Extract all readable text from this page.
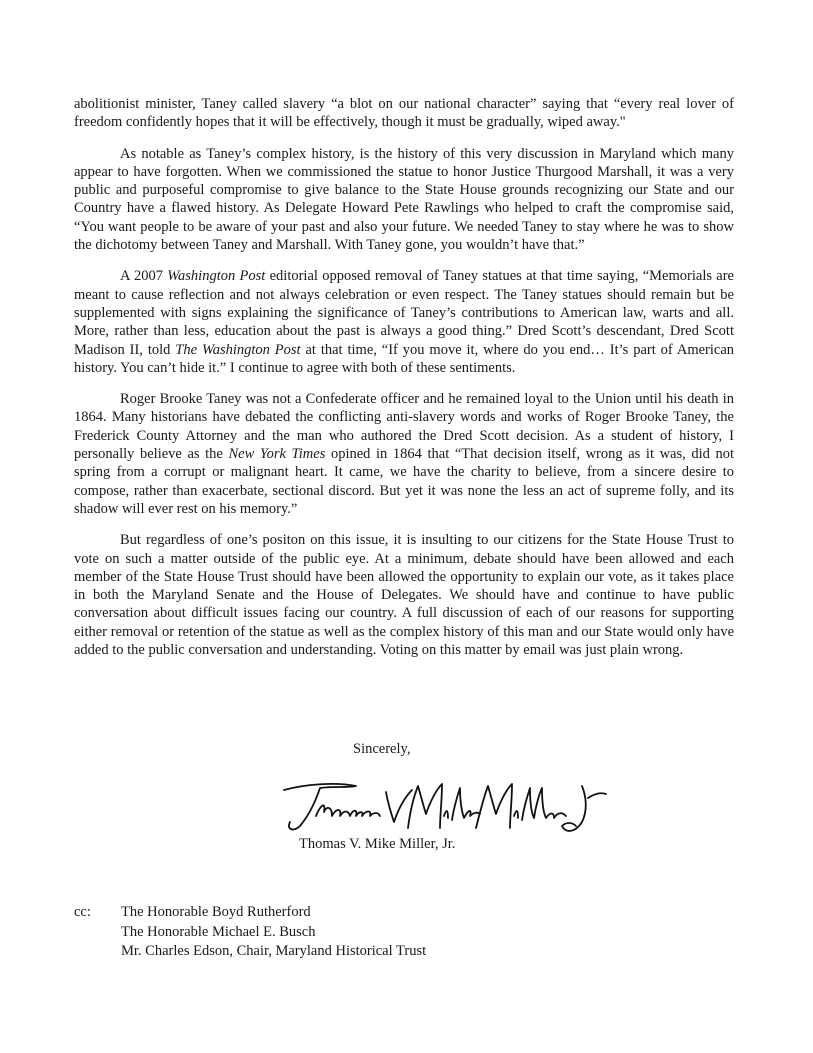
abolitionist minister, Taney called slavery “a blot on our national character” saying that “every real lover of freedom confidently hopes that it will be effectively, though it must be gradually, wiped away."

As notable as Taney’s complex history, is the history of this very discussion in Maryland which many appear to have forgotten. When we commissioned the statue to honor Justice Thurgood Marshall, it was a very public and purposeful compromise to give balance to the State House grounds recognizing our State and our Country have a flawed history. As Delegate Howard Pete Rawlings who helped to craft the compromise said, “You want people to be aware of your past and also your future. We needed Taney to stay where he was to show the dichotomy between Taney and Marshall. With Taney gone, you wouldn’t have that.”

A 2007 Washington Post editorial opposed removal of Taney statues at that time saying, “Memorials are meant to cause reflection and not always celebration or even respect. The Taney statues should remain but be supplemented with signs explaining the significance of Taney’s contributions to American law, warts and all. More, rather than less, education about the past is always a good thing.” Dred Scott’s descendant, Dred Scott Madison II, told The Washington Post at that time, “If you move it, where do you end… It’s part of American history. You can’t hide it.” I continue to agree with both of these sentiments.

Roger Brooke Taney was not a Confederate officer and he remained loyal to the Union until his death in 1864. Many historians have debated the conflicting anti-slavery words and works of Roger Brooke Taney, the Frederick County Attorney and the man who authored the Dred Scott decision. As a student of history, I personally believe as the New York Times opined in 1864 that “That decision itself, wrong as it was, did not spring from a corrupt or malignant heart. It came, we have the charity to believe, from a sincere desire to compose, rather than exacerbate, sectional discord. But yet it was none the less an act of supreme folly, and its shadow will ever rest on his memory.”

But regardless of one’s positon on this issue, it is insulting to our citizens for the State House Trust to vote on such a matter outside of the public eye. At a minimum, debate should have been allowed and each member of the State House Trust should have been allowed the opportunity to explain our vote, as it takes place in both the Maryland Senate and the House of Delegates. We should have and continue to have public conversation about difficult issues facing our country. A full discussion of each of our reasons for supporting either removal or retention of the statue as well as the complex history of this man and our State would only have added to the public conversation and understanding. Voting on this matter by email was just plain wrong.

Sincerely,
Thomas V. Mike Miller, Jr.
cc: The Honorable Boyd Rutherford
The Honorable Michael E. Busch
Mr. Charles Edson, Chair, Maryland Historical Trust
